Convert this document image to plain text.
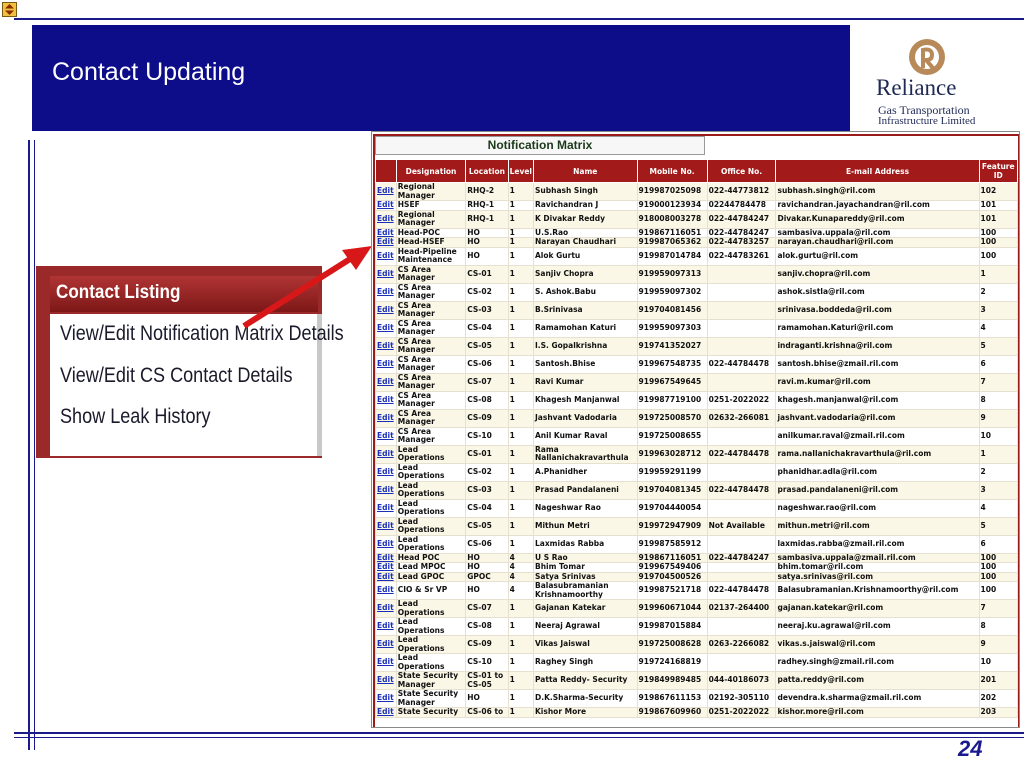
Contact Updating
Reliance
Gas Transportation
Infrastructure Limited
Contact Listing
View/Edit Notification Matrix Details
View/Edit CS Contact Details
Show Leak History
Notification Matrix
	Designation	Location	Level	Name	Mobile No.	Office No.	E-mail Address	Feature ID
Edit	Regional Manager	RHQ-2	1	Subhash Singh	919987025098	022-44773812	subhash.singh@ril.com	102
Edit	HSEF	RHQ-1	1	Ravichandran J	919000123934	02244784478	ravichandran.jayachandran@ril.com	101
Edit	Regional Manager	RHQ-1	1	K Divakar Reddy	918008003278	022-44784247	Divakar.Kunapareddy@ril.com	101
Edit	Head-POC	HO	1	U.S.Rao	919867116051	022-44784247	sambasiva.uppala@ril.com	100
Edit	Head-HSEF	HO	1	Narayan Chaudhari	919987065362	022-44783257	narayan.chaudhari@ril.com	100
Edit	Head-Pipeline Maintenance	HO	1	Alok Gurtu	919987014784	022-44783261	alok.gurtu@ril.com	100
Edit	CS Area Manager	CS-01	1	Sanjiv Chopra	919959097313		sanjiv.chopra@ril.com	1
Edit	CS Area Manager	CS-02	1	S. Ashok.Babu	919959097302		ashok.sistla@ril.com	2
Edit	CS Area Manager	CS-03	1	B.Srinivasa	919704081456		srinivasa.boddeda@ril.com	3
Edit	CS Area Manager	CS-04	1	Ramamohan Katuri	919959097303		ramamohan.Katuri@ril.com	4
Edit	CS Area Manager	CS-05	1	I.S. Gopalkrishna	919741352027		indraganti.krishna@ril.com	5
Edit	CS Area Manager	CS-06	1	Santosh.Bhise	919967548735	022-44784478	santosh.bhise@zmail.ril.com	6
Edit	CS Area Manager	CS-07	1	Ravi Kumar	919967549645		ravi.m.kumar@ril.com	7
Edit	CS Area Manager	CS-08	1	Khagesh Manjanwal	919987719100	0251-2022022	khagesh.manjanwal@ril.com	8
Edit	CS Area Manager	CS-09	1	Jashvant Vadodaria	919725008570	02632-266081	jashvant.vadodaria@ril.com	9
Edit	CS Area Manager	CS-10	1	Anil Kumar Raval	919725008655		anilkumar.raval@zmail.ril.com	10
Edit	Lead Operations	CS-01	1	Rama Nallanichakravarthula	919963028712	022-44784478	rama.nallanichakravarthula@ril.com	1
Edit	Lead Operations	CS-02	1	A.Phanidher	919959291199		phanidhar.adla@ril.com	2
Edit	Lead Operations	CS-03	1	Prasad Pandalaneni	919704081345	022-44784478	prasad.pandalaneni@ril.com	3
Edit	Lead Operations	CS-04	1	Nageshwar Rao	919704440054		nageshwar.rao@ril.com	4
Edit	Lead Operations	CS-05	1	Mithun Metri	919972947909	Not Available	mithun.metri@ril.com	5
Edit	Lead Operations	CS-06	1	Laxmidas Rabba	919987585912		laxmidas.rabba@zmail.ril.com	6
Edit	Head POC	HO	4	U S Rao	919867116051	022-44784247	sambasiva.uppala@zmail.ril.com	100
Edit	Lead MPOC	HO	4	Bhim Tomar	919967549406		bhim.tomar@ril.com	100
Edit	Lead GPOC	GPOC	4	Satya Srinivas	919704500526		satya.srinivas@ril.com	100
Edit	CIO & Sr VP	HO	4	Balasubramanian Krishnamoorthy	919987521718	022-44784478	Balasubramanian.Krishnamoorthy@ril.com	100
Edit	Lead Operations	CS-07	1	Gajanan Katekar	919960671044	02137-264400	gajanan.katekar@ril.com	7
Edit	Lead Operations	CS-08	1	Neeraj Agrawal	919987015884		neeraj.ku.agrawal@ril.com	8
Edit	Lead Operations	CS-09	1	Vikas Jaiswal	919725008628	0263-2266082	vikas.s.jaiswal@ril.com	9
Edit	Lead Operations	CS-10	1	Raghey Singh	919724168819		radhey.singh@zmail.ril.com	10
Edit	State Security Manager	CS-01 to CS-05	1	Patta Reddy- Security	919849989485	044-40186073	patta.reddy@ril.com	201
Edit	State Security Manager	HO	1	D.K.Sharma-Security	919867611153	02192-305110	devendra.k.sharma@zmail.ril.com	202
Edit	State Security	CS-06 to	1	Kishor More	919867609960	0251-2022022	kishor.more@ril.com	203
24
